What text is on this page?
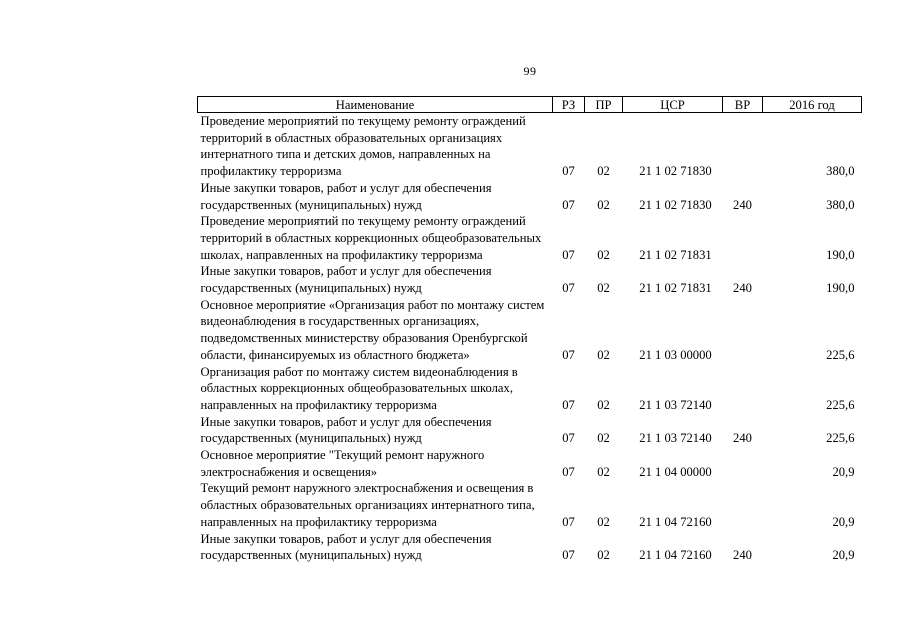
99
Наименование	РЗ	ПР	ЦСР	ВР	2016 год
Проведение мероприятий по текущему ремонту ограждений территорий в областных образовательных организациях интернатного типа и детских домов, направленных на профилактику терроризма	07	02	21 1 02 71830		380,0
Иные закупки товаров, работ и услуг для обеспечения государственных (муниципальных) нужд	07	02	21 1 02 71830	240	380,0
Проведение мероприятий по текущему ремонту ограждений территорий в областных коррекционных общеобразовательных школах, направленных на профилактику терроризма	07	02	21 1 02 71831		190,0
Иные закупки товаров, работ и услуг для обеспечения государственных (муниципальных) нужд	07	02	21 1 02 71831	240	190,0
Основное мероприятие «Организация работ по монтажу систем видеонаблюдения в государственных организациях, подведомственных министерству образования Оренбургской области, финансируемых из областного бюджета»	07	02	21 1 03 00000		225,6
Организация работ по монтажу систем видеонаблюдения в областных коррекционных общеобразовательных школах, направленных на профилактику терроризма	07	02	21 1 03 72140		225,6
Иные закупки товаров, работ и услуг для обеспечения государственных (муниципальных) нужд	07	02	21 1 03 72140	240	225,6
Основное мероприятие "Текущий ремонт наружного электроснабжения и освещения»	07	02	21 1 04 00000		20,9
Текущий ремонт наружного электроснабжения и освещения в областных образовательных организациях интернатного типа, направленных на профилактику терроризма	07	02	21 1 04 72160		20,9
Иные закупки товаров, работ и услуг для обеспечения государственных (муниципальных) нужд	07	02	21 1 04 72160	240	20,9
